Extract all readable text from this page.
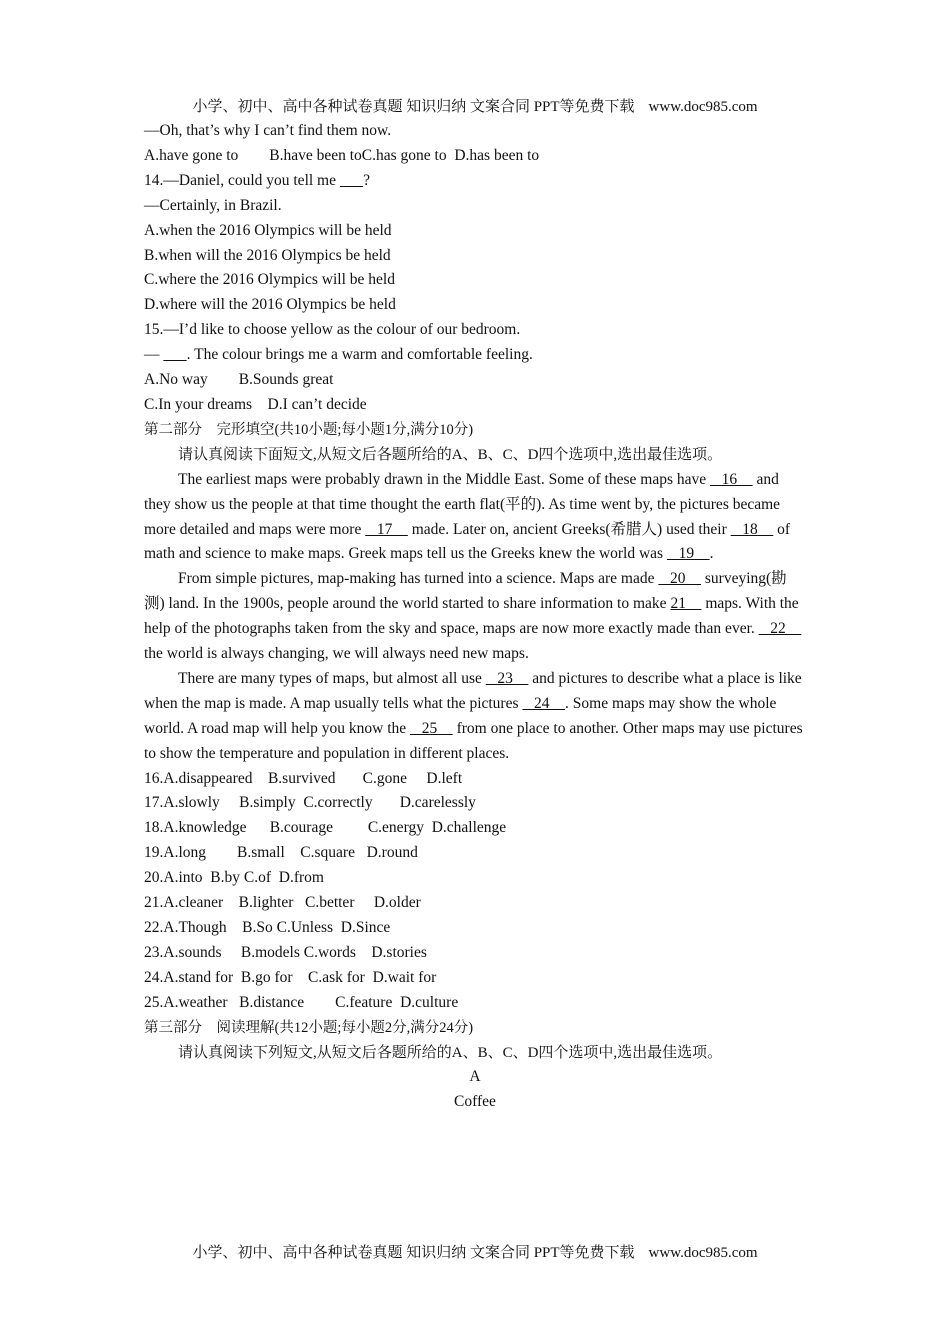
小学、初中、高中各种试卷真题 知识归纳 文案合同 PPT等免费下载 www.doc985.com
—Oh, that’s why I can’t find them now.
A.have gone to        B.have been toC.has gone to  D.has been to
14.—Daniel, could you tell me       ?
—Certainly, in Brazil.
A.when the 2016 Olympics will be held
B.when will the 2016 Olympics be held
C.where the 2016 Olympics will be held
D.where will the 2016 Olympics be held
15.—I’d like to choose yellow as the colour of our bedroom.
—       . The colour brings me a warm and comfortable feeling.
A.No way        B.Sounds great
C.In your dreams    D.I can’t decide
第二部分　完形填空(共10小题;每小题1分,满分10分)
请认真阅读下面短文,从短文后各题所给的A、B、C、D四个选项中,选出最佳选项。

The earliest maps were probably drawn in the Middle East. Some of these maps have    16     and they show us the people at that time thought the earth flat(平的). As time went by, the pictures became more detailed and maps were more    17     made. Later on, ancient Greeks(希腊人) used their    18     of math and science to make maps. Greek maps tell us the Greeks knew the world was    19    .

From simple pictures, map-making has turned into a science. Maps are made    20     surveying(勘测) land. In the 1900s, people around the world started to share information to make 21     maps. With the help of the photographs taken from the sky and space, maps are now more exactly made than ever.    22     the world is always changing, we will always need new maps.

There are many types of maps, but almost all use    23     and pictures to describe what a place is like when the map is made. A map usually tells what the pictures    24    . Some maps may show the whole world. A road map will help you know the    25     from one place to another. Other maps may use pictures to show the temperature and population in different places.

16.A.disappeared    B.survived       C.gone     D.left
17.A.slowly     B.simply  C.correctly       D.carelessly
18.A.knowledge      B.courage         C.energy  D.challenge
19.A.long        B.small    C.square   D.round
20.A.into  B.by C.of  D.from
21.A.cleaner    B.lighter   C.better     D.older
22.A.Though    B.So C.Unless  D.Since
23.A.sounds     B.models C.words    D.stories
24.A.stand for  B.go for    C.ask for  D.wait for
25.A.weather   B.distance        C.feature  D.culture
第三部分　阅读理解(共12小题;每小题2分,满分24分)
请认真阅读下列短文,从短文后各题所给的A、B、C、D四个选项中,选出最佳选项。
A
Coffee
小学、初中、高中各种试卷真题 知识归纳 文案合同 PPT等免费下载 www.doc985.com
